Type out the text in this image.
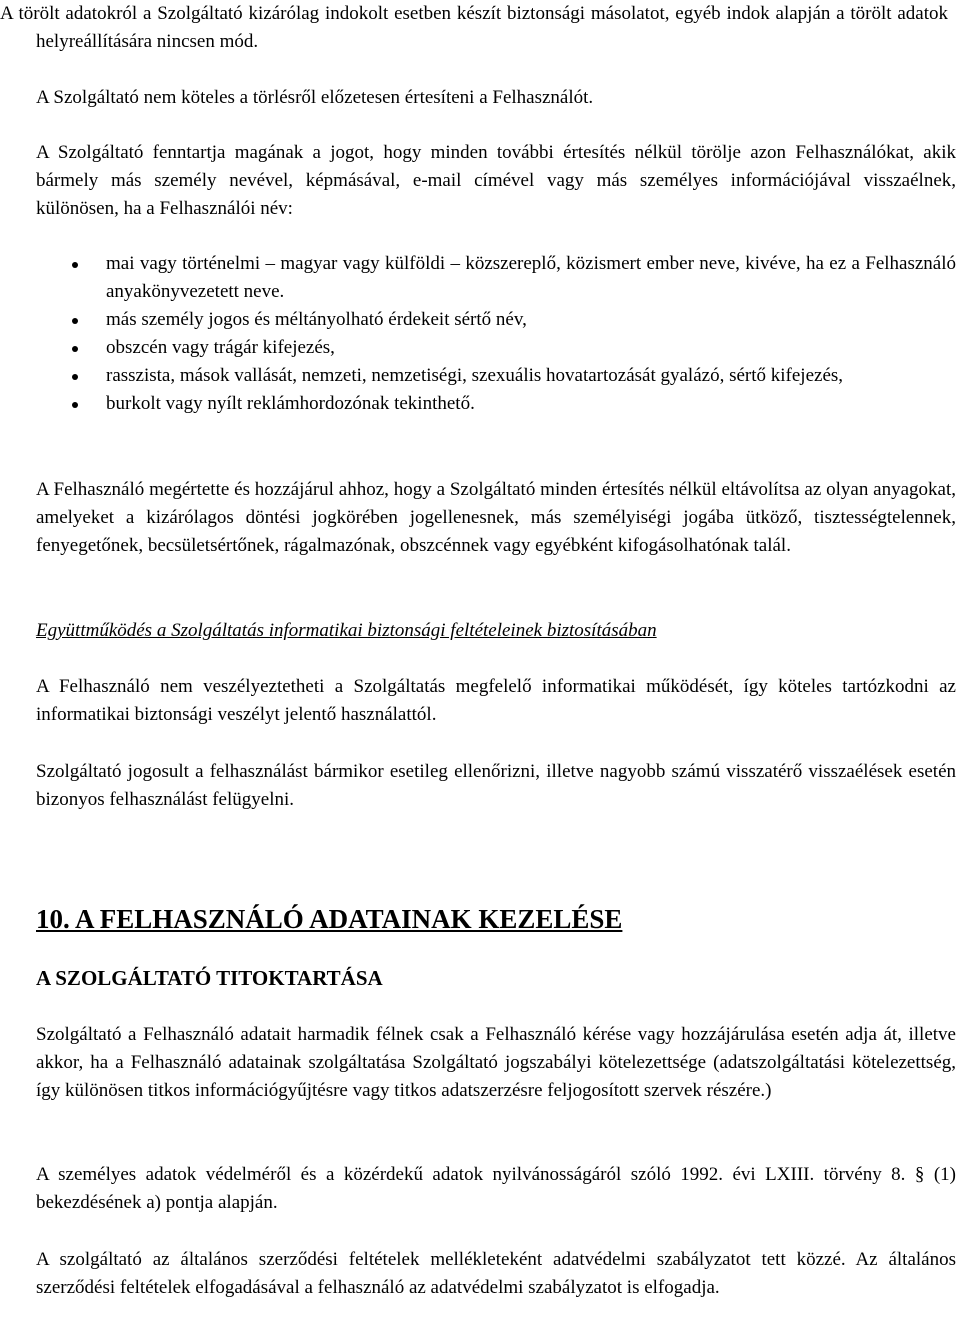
A törölt adatokról a Szolgáltató kizárólag indokolt esetben készít biztonsági másolatot, egyéb indok alapján a törölt adatok helyreállítására nincsen mód.

A Szolgáltató nem köteles a törlésről előzetesen értesíteni a Felhasználót.

A Szolgáltató fenntartja magának a jogot, hogy minden további értesítés nélkül törölje azon Felhasználókat, akik bármely más személy nevével, képmásával, e-mail címével vagy más személyes információjával visszaélnek, különösen, ha a Felhasználói név:

mai vagy történelmi – magyar vagy külföldi – közszereplő, közismert ember neve, kivéve, ha ez a Felhasználó anyakönyvezetett neve.
más személy jogos és méltányolható érdekeit sértő név,
obszcén vagy trágár kifejezés,
rasszista, mások vallását, nemzeti, nemzetiségi, szexuális hovatartozását gyalázó, sértő kifejezés,
burkolt vagy nyílt reklámhordozónak tekinthető.

A Felhasználó megértette és hozzájárul ahhoz, hogy a Szolgáltató minden értesítés nélkül eltávolítsa az olyan anyagokat, amelyeket a kizárólagos döntési jogkörében jogellenesnek, más személyiségi jogába ütköző, tisztességtelennek, fenyegetőnek, becsületsértőnek, rágalmazónak, obszcénnek vagy egyébként kifogásolhatónak talál.

Együttműködés a Szolgáltatás informatikai biztonsági feltételeinek biztosításában

A Felhasználó nem veszélyeztetheti a Szolgáltatás megfelelő informatikai működését, így köteles tartózkodni az informatikai biztonsági veszélyt jelentő használattól.

Szolgáltató jogosult a felhasználást bármikor esetileg ellenőrizni, illetve nagyobb számú visszatérő visszaélések esetén bizonyos felhasználást felügyelni.

10. A FELHASZNÁLÓ ADATAINAK KEZELÉSE
A SZOLGÁLTATÓ TITOKTARTÁSA

Szolgáltató a Felhasználó adatait harmadik félnek csak a Felhasználó kérése vagy hozzájárulása esetén adja át, illetve akkor, ha a Felhasználó adatainak szolgáltatása Szolgáltató jogszabályi kötelezettsége (adatszolgáltatási kötelezettség, így különösen titkos információgyűjtésre vagy titkos adatszerzésre feljogosított szervek részére.)

A személyes adatok védelméről és a közérdekű adatok nyilvánosságáról szóló 1992. évi LXIII. törvény 8. § (1) bekezdésének a) pontja alapján.

A szolgáltató az általános szerződési feltételek mellékleteként adatvédelmi szabályzatot tett közzé. Az általános szerződési feltételek elfogadásával a felhasználó az adatvédelmi szabályzatot is elfogadja.
